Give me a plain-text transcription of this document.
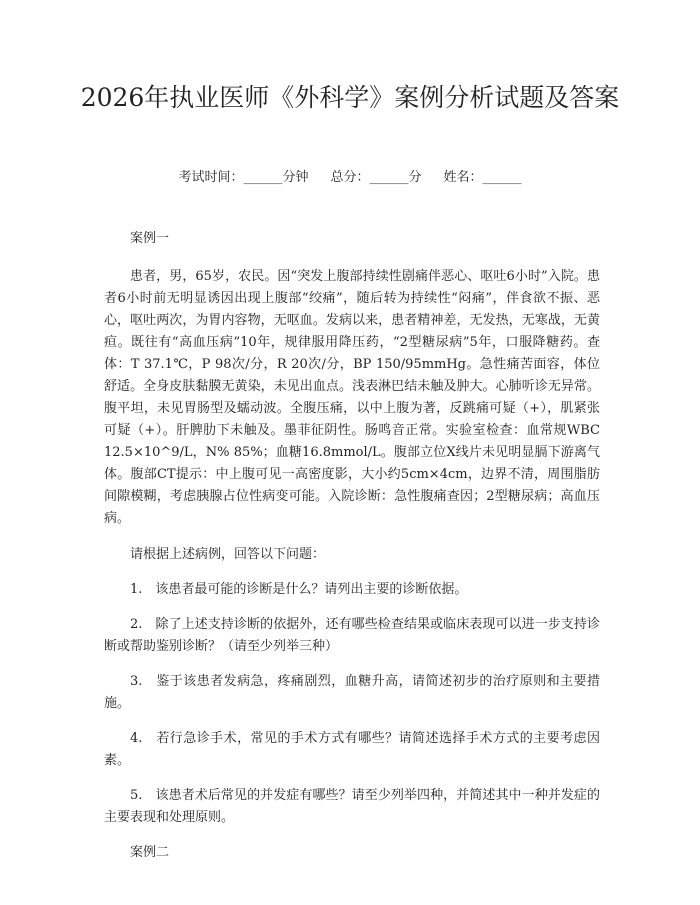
2026年执业医师《外科学》案例分析试题及答案
考试时间：______分钟 总分：______分 姓名：______

案例一

患者，男，65岁，农民。因“突发上腹部持续性剧痛伴恶心、呕吐6小时”入院。患者6小时前无明显诱因出现上腹部“绞痛”，随后转为持续性“闷痛”，伴食欲不振、恶心，呕吐两次，为胃内容物，无呕血。发病以来，患者精神差，无发热，无寒战，无黄疸。既往有“高血压病”10年，规律服用降压药，“2型糖尿病”5年，口服降糖药。查体：T 37.1℃，P 98次/分，R 20次/分，BP 150/95mmHg。急性痛苦面容，体位舒适。全身皮肤黏膜无黄染，未见出血点。浅表淋巴结未触及肿大。心肺听诊无异常。腹平坦，未见胃肠型及蠕动波。全腹压痛，以中上腹为著，反跳痛可疑（+），肌紧张可疑（+）。肝脾肋下未触及。墨菲征阴性。肠鸣音正常。实验室检查：血常规WBC 12.5×10^9/L，N% 85%；血糖16.8mmol/L。腹部立位X线片未见明显膈下游离气体。腹部CT提示：中上腹可见一高密度影，大小约5cm×4cm，边界不清，周围脂肪间隙模糊，考虑胰腺占位性病变可能。入院诊断：急性腹痛查因；2型糖尿病；高血压病。

请根据上述病例，回答以下问题：

1.　该患者最可能的诊断是什么？请列出主要的诊断依据。

2.　除了上述支持诊断的依据外，还有哪些检查结果或临床表现可以进一步支持诊断或帮助鉴别诊断？（请至少列举三种）

3.　鉴于该患者发病急，疼痛剧烈，血糖升高，请简述初步的治疗原则和主要措施。

4.　若行急诊手术，常见的手术方式有哪些？请简述选择手术方式的主要考虑因素。

5.　该患者术后常见的并发症有哪些？请至少列举四种，并简述其中一种并发症的主要表现和处理原则。

案例二
